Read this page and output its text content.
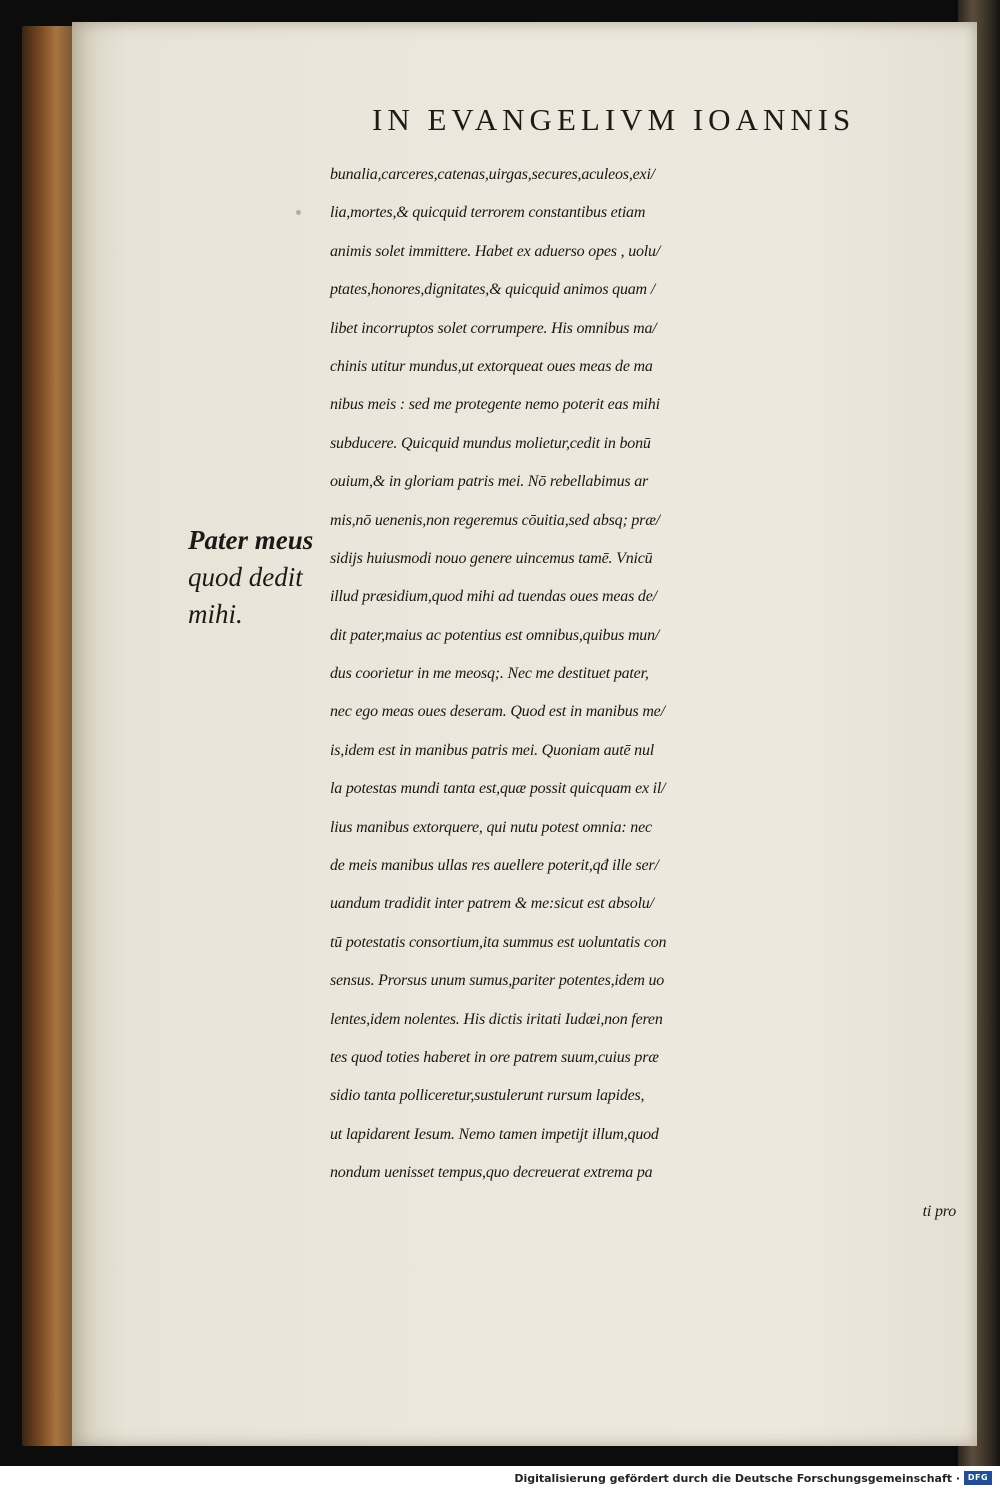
IN EVANGELIVM IOANNIS
Pater meus
quod dedit
mihi.
bunalia,carceres,catenas,uirgas,secures,aculeos,exi/
lia,mortes,& quicquid terrorem constantibus etiam
animis solet immittere. Habet ex aduerso opes , uolu/
ptates,honores,dignitates,& quicquid animos quam /
libet incorruptos solet corrumpere. His omnibus ma/
chinis utitur mundus,ut extorqueat oues meas de ma
nibus meis : sed me protegente nemo poterit eas mihi
subducere. Quicquid mundus molietur,cedit in bonū
ouium,& in gloriam patris mei. Nō rebellabimus ar
mis,nō uenenis,non regeremus cōuitia,sed absq; præ/
sidijs huiusmodi nouo genere uincemus tamē. Vnicū
illud præsidium,quod mihi ad tuendas oues meas de/
dit pater,maius ac potentius est omnibus,quibus mun/
dus coorietur in me meosq;. Nec me destituet pater,
nec ego meas oues deseram. Quod est in manibus me/
is,idem est in manibus patris mei. Quoniam autē nul
la potestas mundi tanta est,quæ possit quicquam ex il/
lius manibus extorquere, qui nutu potest omnia: nec
de meis manibus ullas res auellere poterit,qđ ille ser/
uandum tradidit inter patrem & me:sicut est absolu/
tū potestatis consortium,ita summus est uoluntatis con
sensus. Prorsus unum sumus,pariter potentes,idem uo
lentes,idem nolentes. His dictis iritati Iudæi,non feren
tes quod toties haberet in ore patrem suum,cuius præ
sidio tanta polliceretur,sustulerunt rursum lapides,
ut lapidarent Iesum. Nemo tamen impetijt illum,quod
nondum uenisset tempus,quo decreuerat extrema pa
ti pro
Digitalisierung gefördert durch die Deutsche Forschungsgemeinschaft · DFG
